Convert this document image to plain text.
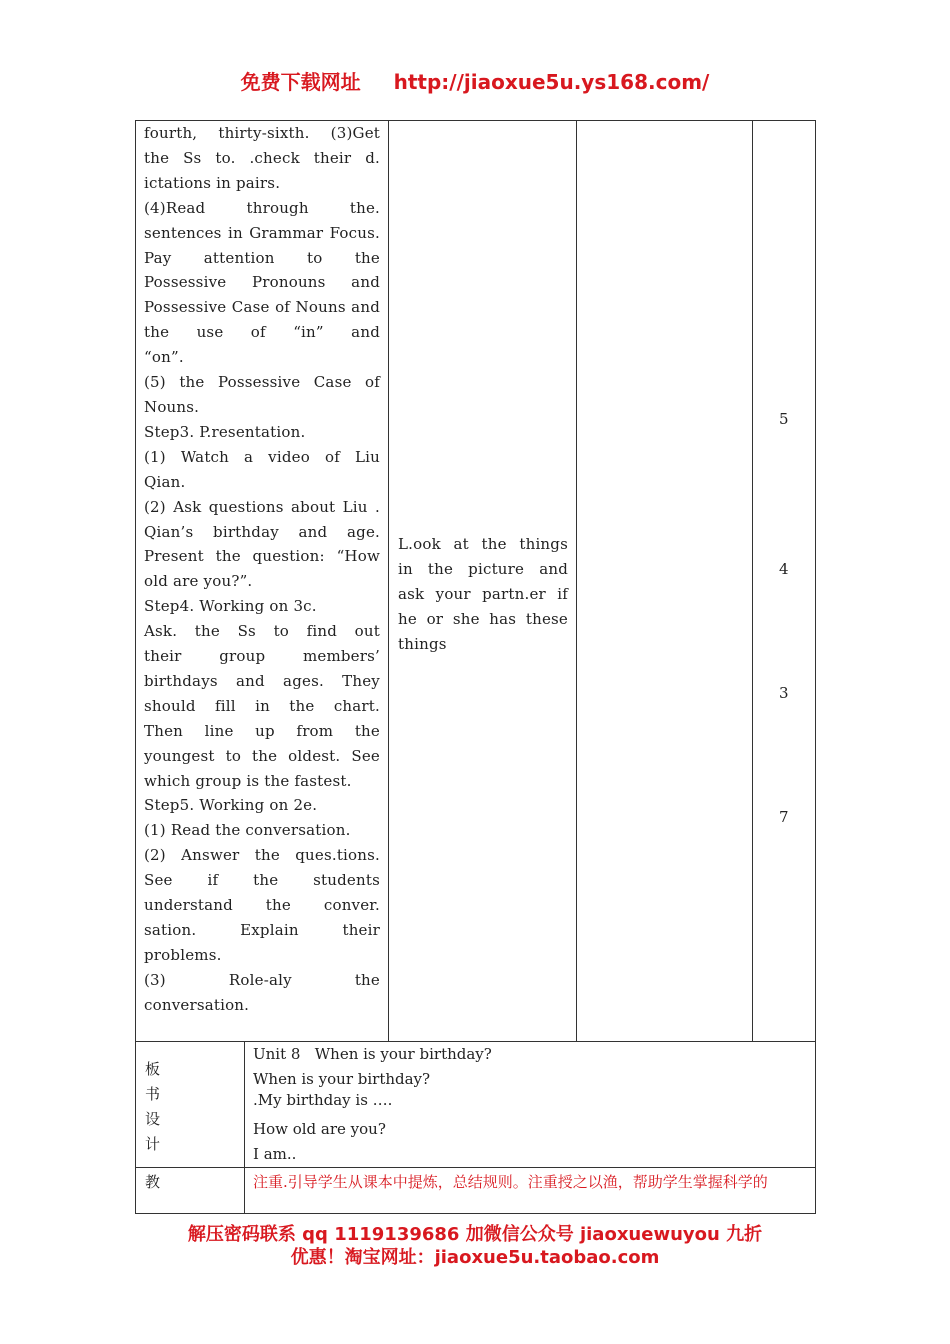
免费下载网址 http://jiaoxue5u.ys168.com/
fourth, thirty-sixth. (3)Get
the Ss to. .check their d.
ictations in pairs.
(4)Read through the.
sentences in Grammar Focus.
Pay attention to the
Possessive Pronouns and
Possessive Case of Nouns and
the use of “in” and
“on”.
(5) the Possessive Case of
Nouns.
Step3. P.resentation.
(1) Watch a video of Liu
Qian.
(2) Ask questions about Liu .
Qian’s birthday and age.
Present the question: “How
old are you?”.
Step4. Working on 3c.
Ask. the Ss to find out
their group members’
birthdays and ages. They
should fill in the chart.
Then line up from the
youngest to the oldest. See
which group is the fastest.
Step5. Working on 2e.
(1) Read the conversation.
(2) Answer the ques.tions.
See if the students
understand the conver.
sation. Explain their
problems.
(3) Role-aly the
conversation.
L.ook at the things
in the picture and
ask your partn.er if
he or she has these
things
5
4
3
7
板
书
设
计
Unit 8   When is your birthday?
When is your birthday?
.My birthday is ….
How old are you?
I am..
教	注重.引导学生从课本中提炼，总结规则。注重授之以渔，帮助学生掌握科学的
解压密码联系 qq 1119139686 加微信公众号 jiaoxuewuyou 九折
优惠！淘宝网址：jiaoxue5u.taobao.com
